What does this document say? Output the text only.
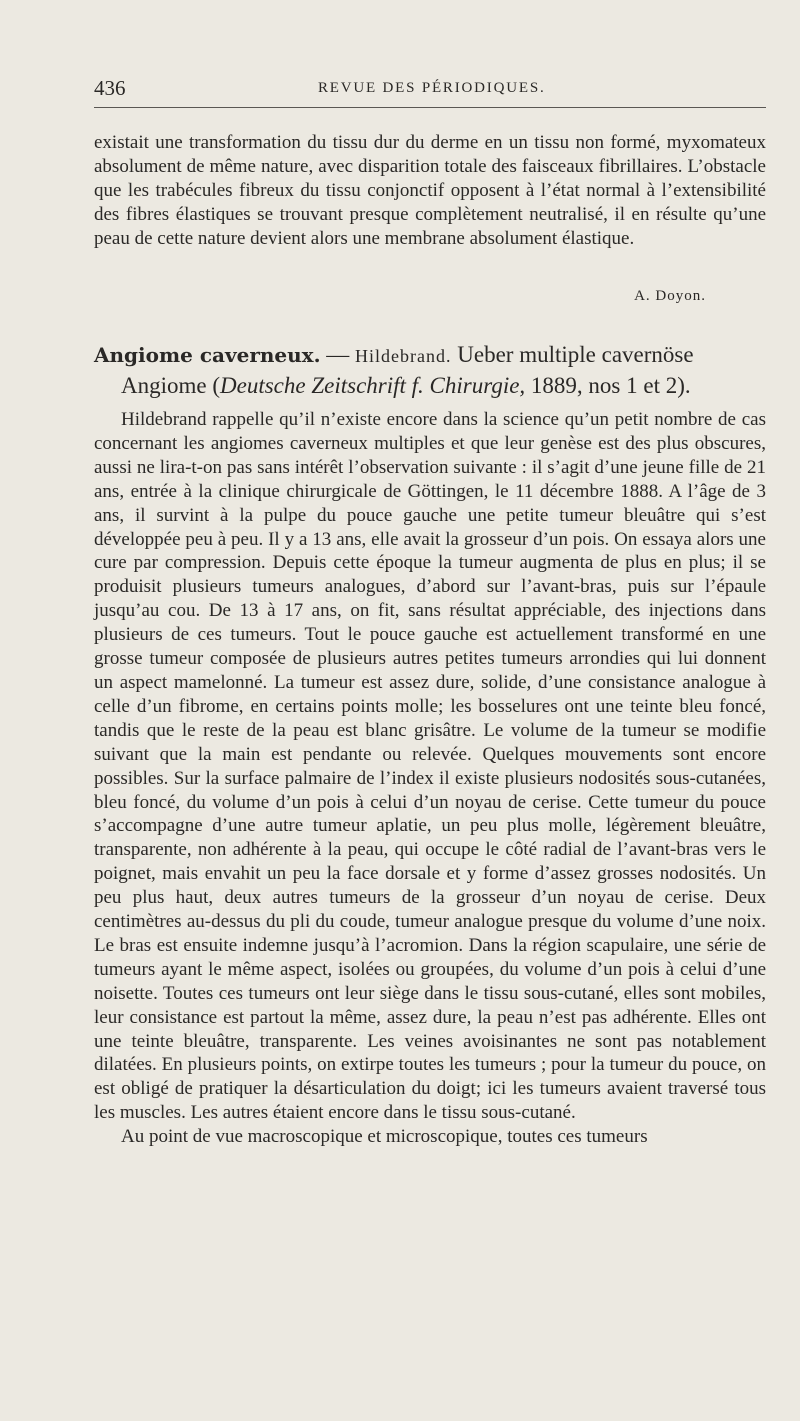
436	REVUE DES PÉRIODIQUES.

existait une transformation du tissu dur du derme en un tissu non formé, myxomateux absolument de même nature, avec disparition totale des faisceaux fibrillaires. L’obstacle que les trabécules fibreux du tissu conjonctif opposent à l’état normal à l’extensibilité des fibres élastiques se trouvant presque complètement neutralisé, il en résulte qu’une peau de cette nature devient alors une membrane absolument élastique.

A. Doyon.
Angiome caverneux. — Hildebrand. Ueber multiple cavernöse
Angiome (Deutsche Zeitschrift f. Chirurgie, 1889, nos 1 et 2).

Hildebrand rappelle qu’il n’existe encore dans la science qu’un petit nombre de cas concernant les angiomes caverneux multiples et que leur genèse est des plus obscures, aussi ne lira-t-on pas sans intérêt l’observation suivante : il s’agit d’une jeune fille de 21 ans, entrée à la clinique chirurgicale de Göttingen, le 11 décembre 1888. A l’âge de 3 ans, il survint à la pulpe du pouce gauche une petite tumeur bleuâtre qui s’est développée peu à peu. Il y a 13 ans, elle avait la grosseur d’un pois. On essaya alors une cure par compression. Depuis cette époque la tumeur augmenta de plus en plus; il se produisit plusieurs tumeurs analogues, d’abord sur l’avant-bras, puis sur l’épaule jusqu’au cou. De 13 à 17 ans, on fit, sans résultat appréciable, des injections dans plusieurs de ces tumeurs. Tout le pouce gauche est actuellement transformé en une grosse tumeur composée de plusieurs autres petites tumeurs arrondies qui lui donnent un aspect mamelonné. La tumeur est assez dure, solide, d’une consistance analogue à celle d’un fibrome, en certains points molle; les bosselures ont une teinte bleu foncé, tandis que le reste de la peau est blanc grisâtre. Le volume de la tumeur se modifie suivant que la main est pendante ou relevée. Quelques mouvements sont encore possibles. Sur la surface palmaire de l’index il existe plusieurs nodosités sous-cutanées, bleu foncé, du volume d’un pois à celui d’un noyau de cerise. Cette tumeur du pouce s’accompagne d’une autre tumeur aplatie, un peu plus molle, légèrement bleuâtre, transparente, non adhérente à la peau, qui occupe le côté radial de l’avant-bras vers le poignet, mais envahit un peu la face dorsale et y forme d’assez grosses nodosités. Un peu plus haut, deux autres tumeurs de la grosseur d’un noyau de cerise. Deux centimètres au-dessus du pli du coude, tumeur analogue presque du volume d’une noix. Le bras est ensuite indemne jusqu’à l’acromion. Dans la région scapulaire, une série de tumeurs ayant le même aspect, isolées ou groupées, du volume d’un pois à celui d’une noisette. Toutes ces tumeurs ont leur siège dans le tissu sous-cutané, elles sont mobiles, leur consistance est partout la même, assez dure, la peau n’est pas adhérente. Elles ont une teinte bleuâtre, transparente. Les veines avoisinantes ne sont pas notablement dilatées. En plusieurs points, on extirpe toutes les tumeurs ; pour la tumeur du pouce, on est obligé de pratiquer la désarticulation du doigt; ici les tumeurs avaient traversé tous les muscles. Les autres étaient encore dans le tissu sous-cutané.

Au point de vue macroscopique et microscopique, toutes ces tumeurs
